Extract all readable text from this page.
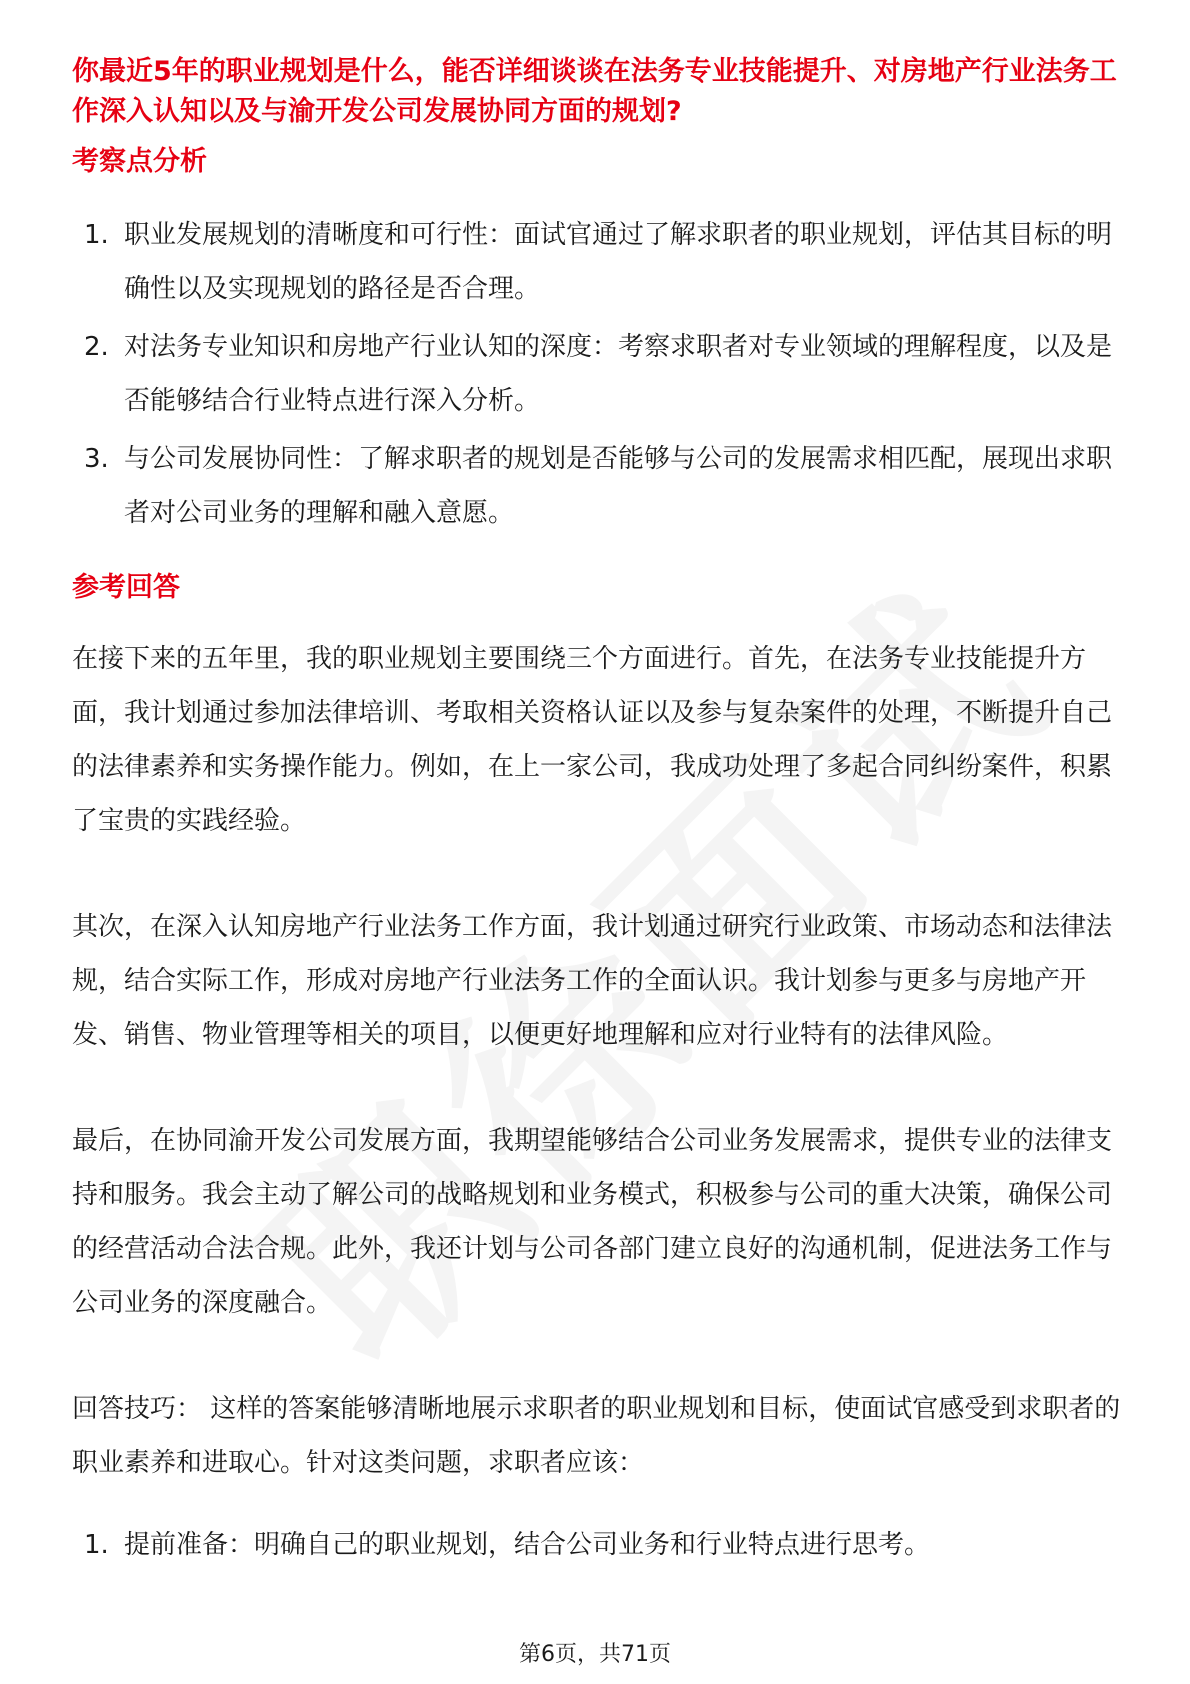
你最近5年的职业规划是什么，能否详细谈谈在法务专业技能提升、对房地产行业法务工作深入认知以及与渝开发公司发展协同方面的规划?

考察点分析
1. 职业发展规划的清晰度和可行性：面试官通过了解求职者的职业规划，评估其目标的明确性以及实现规划的路径是否合理。
2. 对法务专业知识和房地产行业认知的深度：考察求职者对专业领域的理解程度，以及是否能够结合行业特点进行深入分析。
3. 与公司发展协同性：了解求职者的规划是否能够与公司的发展需求相匹配，展现出求职者对公司业务的理解和融入意愿。
参考回答

在接下来的五年里，我的职业规划主要围绕三个方面进行。首先，在法务专业技能提升方面，我计划通过参加法律培训、考取相关资格认证以及参与复杂案件的处理，不断提升自己的法律素养和实务操作能力。例如，在上一家公司，我成功处理了多起合同纠纷案件，积累了宝贵的实践经验。

其次，在深入认知房地产行业法务工作方面，我计划通过研究行业政策、市场动态和法律法规，结合实际工作，形成对房地产行业法务工作的全面认识。我计划参与更多与房地产开发、销售、物业管理等相关的项目，以便更好地理解和应对行业特有的法律风险。

最后，在协同渝开发公司发展方面，我期望能够结合公司业务发展需求，提供专业的法律支持和服务。我会主动了解公司的战略规划和业务模式，积极参与公司的重大决策，确保公司的经营活动合法合规。此外，我还计划与公司各部门建立良好的沟通机制，促进法务工作与公司业务的深度融合。

回答技巧： 这样的答案能够清晰地展示求职者的职业规划和目标，使面试官感受到求职者的职业素养和进取心。针对这类问题，求职者应该：

1. 提前准备：明确自己的职业规划，结合公司业务和行业特点进行思考。
第6页，共71页
